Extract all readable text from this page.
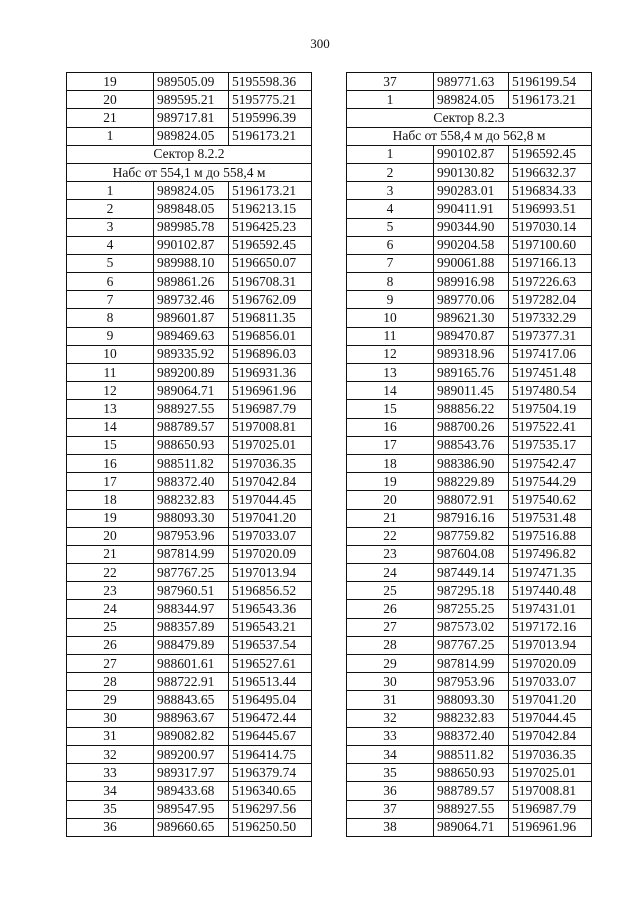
300
19	989505.09	5195598.36
20	989595.21	5195775.21
21	989717.81	5195996.39
1	989824.05	5196173.21
Сектор 8.2.2		
Набс от 554,1 м до 558,4 м		
1	989824.05	5196173.21
2	989848.05	5196213.15
3	989985.78	5196425.23
4	990102.87	5196592.45
5	989988.10	5196650.07
6	989861.26	5196708.31
7	989732.46	5196762.09
8	989601.87	5196811.35
9	989469.63	5196856.01
10	989335.92	5196896.03
11	989200.89	5196931.36
12	989064.71	5196961.96
13	988927.55	5196987.79
14	988789.57	5197008.81
15	988650.93	5197025.01
16	988511.82	5197036.35
17	988372.40	5197042.84
18	988232.83	5197044.45
19	988093.30	5197041.20
20	987953.96	5197033.07
21	987814.99	5197020.09
22	987767.25	5197013.94
23	987960.51	5196856.52
24	988344.97	5196543.36
25	988357.89	5196543.21
26	988479.89	5196537.54
27	988601.61	5196527.61
28	988722.91	5196513.44
29	988843.65	5196495.04
30	988963.67	5196472.44
31	989082.82	5196445.67
32	989200.97	5196414.75
33	989317.97	5196379.74
34	989433.68	5196340.65
35	989547.95	5196297.56
36	989660.65	5196250.50
37	989771.63	5196199.54
1	989824.05	5196173.21
Сектор 8.2.3		
Набс от 558,4 м до 562,8 м		
1	990102.87	5196592.45
2	990130.82	5196632.37
3	990283.01	5196834.33
4	990411.91	5196993.51
5	990344.90	5197030.14
6	990204.58	5197100.60
7	990061.88	5197166.13
8	989916.98	5197226.63
9	989770.06	5197282.04
10	989621.30	5197332.29
11	989470.87	5197377.31
12	989318.96	5197417.06
13	989165.76	5197451.48
14	989011.45	5197480.54
15	988856.22	5197504.19
16	988700.26	5197522.41
17	988543.76	5197535.17
18	988386.90	5197542.47
19	988229.89	5197544.29
20	988072.91	5197540.62
21	987916.16	5197531.48
22	987759.82	5197516.88
23	987604.08	5197496.82
24	987449.14	5197471.35
25	987295.18	5197440.48
26	987255.25	5197431.01
27	987573.02	5197172.16
28	987767.25	5197013.94
29	987814.99	5197020.09
30	987953.96	5197033.07
31	988093.30	5197041.20
32	988232.83	5197044.45
33	988372.40	5197042.84
34	988511.82	5197036.35
35	988650.93	5197025.01
36	988789.57	5197008.81
37	988927.55	5196987.79
38	989064.71	5196961.96
